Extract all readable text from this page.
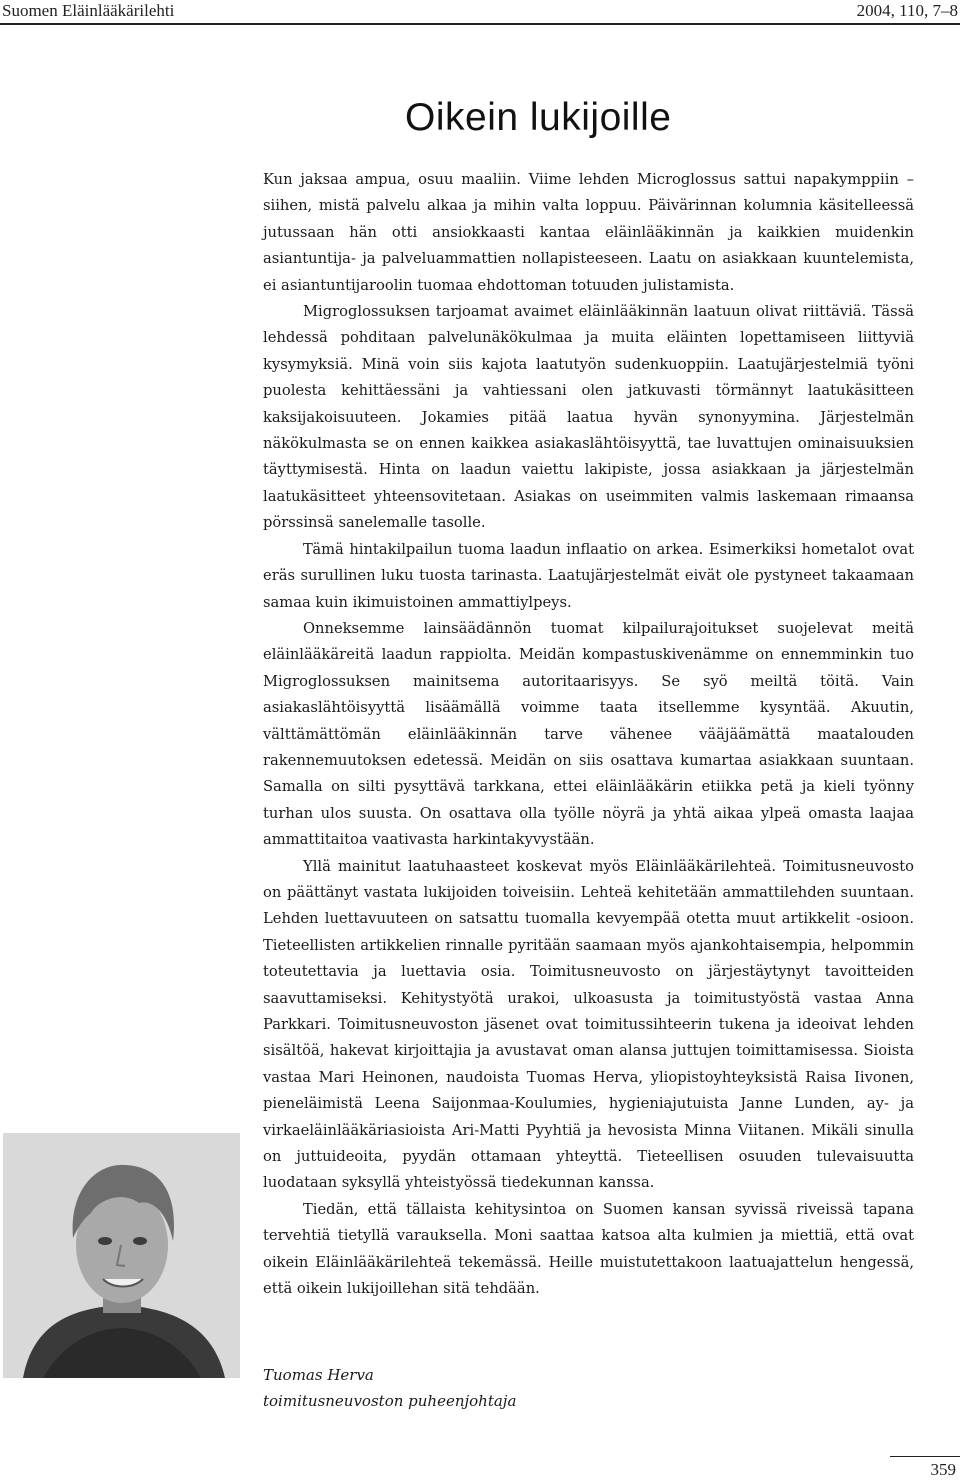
Suomen Eläinlääkärilehti	2004, 110, 7–8
Oikein lukijoille

Kun jaksaa ampua, osuu maaliin. Viime lehden Microglossus sattui napakymppiin – siihen, mistä palvelu alkaa ja mihin valta loppuu. Päivärinnan kolumnia käsitelleessä jutussaan hän otti ansiokkaasti kantaa eläinlääkinnän ja kaikkien muidenkin asiantuntija- ja palveluammattien nollapisteeseen. Laatu on asiakkaan kuuntelemista, ei asiantuntijaroolin tuomaa ehdottoman totuuden julistamista.

Migroglossuksen tarjoamat avaimet eläinlääkinnän laatuun olivat riittäviä. Tässä lehdessä pohditaan palvelunäkökulmaa ja muita eläinten lopettamiseen liittyviä kysymyksiä. Minä voin siis kajota laatutyön sudenkuoppiin. Laatujärjestelmiä työni puolesta kehittäessäni ja vahtiessani olen jatkuvasti törmännyt laatukäsitteen kaksijakoisuuteen. Jokamies pitää laatua hyvän synonyymina. Järjestelmän näkökulmasta se on ennen kaikkea asiakaslähtöisyyttä, tae luvattujen ominaisuuksien täyttymisestä. Hinta on laadun vaiettu lakipiste, jossa asiakkaan ja järjestelmän laatukäsitteet yhteensovitetaan. Asiakas on useimmiten valmis laskemaan rimaansa pörssinsä sanelemalle tasolle.

Tämä hintakilpailun tuoma laadun inflaatio on arkea. Esimerkiksi hometalot ovat eräs surullinen luku tuosta tarinasta. Laatujärjestelmät eivät ole pystyneet takaamaan samaa kuin ikimuistoinen ammattiylpeys.

Onneksemme lainsäädännön tuomat kilpailurajoitukset suojelevat meitä eläinlääkäreitä laadun rappiolta. Meidän kompastuskivenämme on ennemminkin tuo Migroglossuksen mainitsema autoritaarisyys. Se syö meiltä töitä. Vain asiakaslähtöisyyttä lisäämällä voimme taata itsellemme kysyntää. Akuutin, välttämättömän eläinlääkinnän tarve vähenee vääjäämättä maatalouden rakennemuutoksen edetessä. Meidän on siis osattava kumartaa asiakkaan suuntaan. Samalla on silti pysyttävä tarkkana, ettei eläinlääkärin etiikka petä ja kieli työnny turhan ulos suusta. On osattava olla työlle nöyrä ja yhtä aikaa ylpeä omasta laajaa ammattitaitoa vaativasta harkintakyvystään.

Yllä mainitut laatuhaasteet koskevat myös Eläinlääkärilehteä. Toimitusneuvosto on päättänyt vastata lukijoiden toiveisiin. Lehteä kehitetään ammattilehden suuntaan. Lehden luettavuuteen on satsattu tuomalla kevyempää otetta muut artikkelit -osioon. Tieteellisten artikkelien rinnalle pyritään saamaan myös ajankohtaisempia, helpommin toteutettavia ja luettavia osia. Toimitusneuvosto on järjestäytynyt tavoitteiden saavuttamiseksi. Kehitystyötä urakoi, ulkoasusta ja toimitustyöstä vastaa Anna Parkkari. Toimitusneuvoston jäsenet ovat toimitussihteerin tukena ja ideoivat lehden sisältöä, hakevat kirjoittajia ja avustavat oman alansa juttujen toimittamisessa. Sioista vastaa Mari Heinonen, naudoista Tuomas Herva, yliopistoyhteyksistä Raisa Iivonen, pieneläimistä Leena Saijonmaa-Koulumies, hygieniajutuista Janne Lunden, ay- ja virkaeläinlääkäriasioista Ari-Matti Pyyhtiä ja hevosista Minna Viitanen. Mikäli sinulla on juttuideoita, pyydän ottamaan yhteyttä. Tieteellisen osuuden tulevaisuutta luodataan syksyllä yhteistyössä tiedekunnan kanssa.

Tiedän, että tällaista kehitysintoa on Suomen kansan syvissä riveissä tapana tervehtiä tietyllä varauksella. Moni saattaa katsoa alta kulmien ja miettiä, että ovat oikein Eläinlääkärilehteä tekemässä. Heille muistutettakoon laatuajattelun hengessä, että oikein lukijoillehan sitä tehdään.

Tuomas Herva
toimitusneuvoston puheenjohtaja
359
